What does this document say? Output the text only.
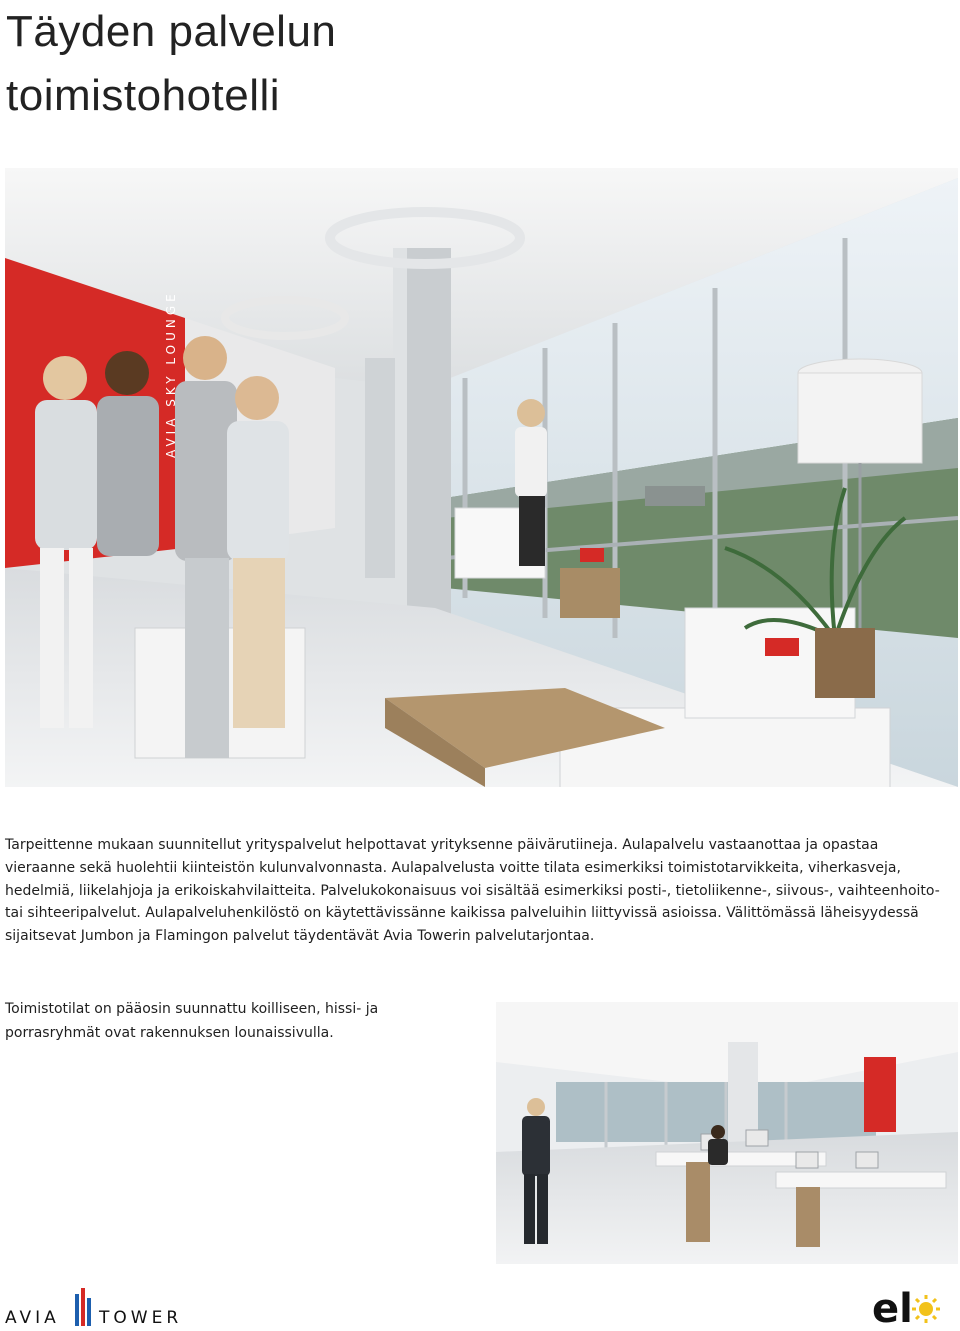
Täyden palvelun
toimistohotelli
AVIA SKY LOUNGE

Tarpeittenne mukaan suunnitellut yrityspalvelut helpottavat yrityksenne päivärutiineja. Aulapalvelu vastaanottaa ja opastaa vieraanne sekä huolehtii kiinteistön kulunvalvonnasta. Aulapalvelusta voitte tilata esimerkiksi toimistotarvikkeita, viherkasveja, hedelmiä, liikelahjoja ja erikoiskahvilaitteita. Palvelukokonaisuus voi sisältää esimerkiksi posti-, tietoliikenne-, siivous-, vaihteenhoito- tai sihteeripalvelut. Aulapalveluhenkilöstö on käytettävissänne kaikissa palveluihin liittyvissä asioissa. Välittömässä läheisyydessä sijaitsevat Jumbon ja Flamingon palvelut täydentävät Avia Towerin palvelutarjontaa.

Toimistotilat on pääosin suunnattu koilliseen, hissi- ja porrasryhmät ovat rakennuksen lounaissivulla.

AVIA TOWER	el
